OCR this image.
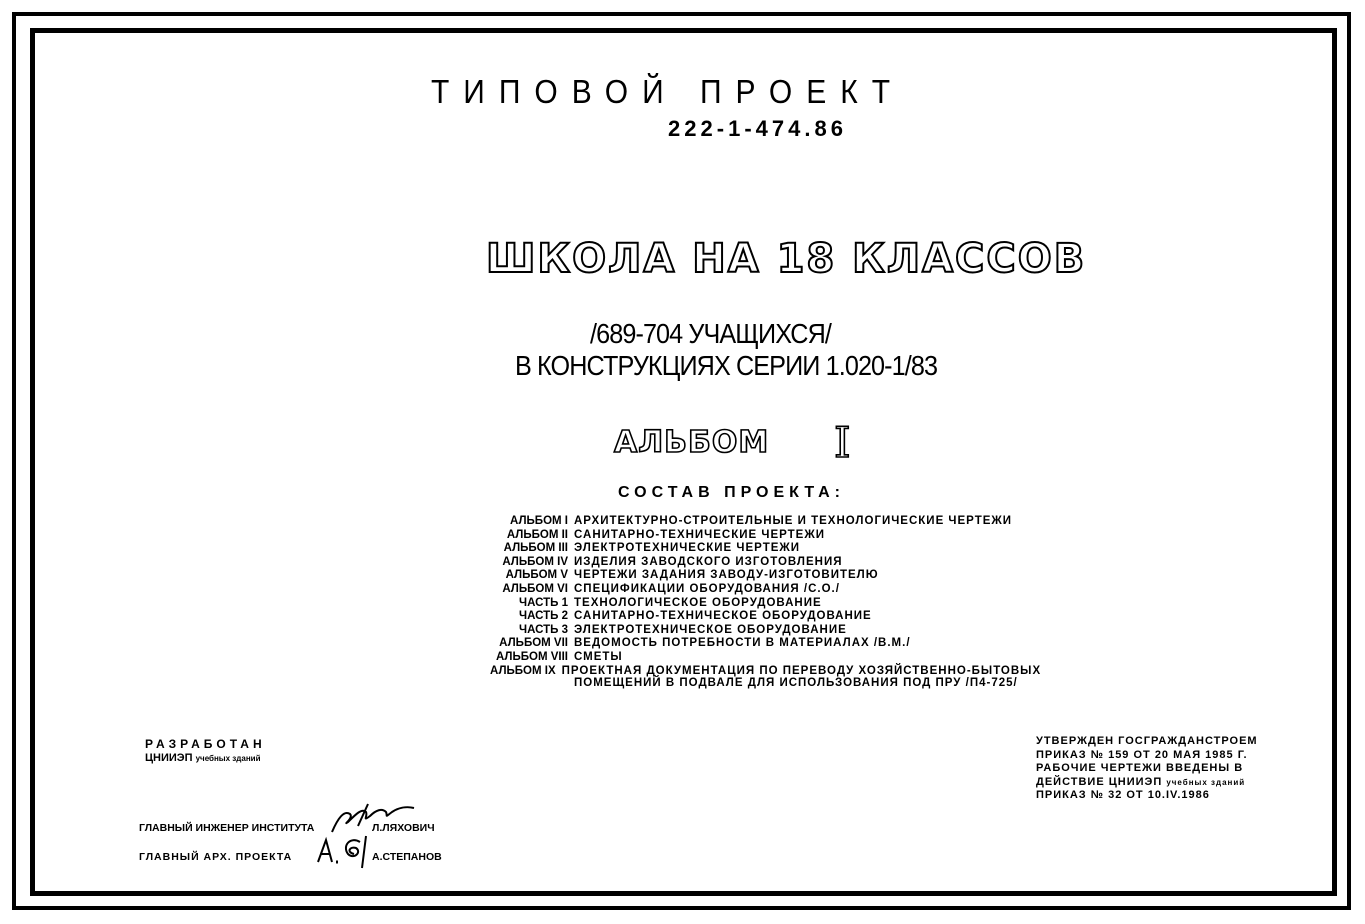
ТИПОВОЙ ПРОЕКТ
222-1-474.86
ШКОЛА НА 18 КЛАССОВ
/689-704 УЧАЩИХСЯ/
В КОНСТРУКЦИЯХ СЕРИИ 1.020-1/83
АЛЬБОМ I
СОСТАВ ПРОЕКТА:
АЛЬБОМ I АРХИТЕКТУРНО-СТРОИТЕЛЬНЫЕ И ТЕХНОЛОГИЧЕСКИЕ ЧЕРТЕЖИ
АЛЬБОМ II САНИТАРНО-ТЕХНИЧЕСКИЕ ЧЕРТЕЖИ
АЛЬБОМ III ЭЛЕКТРОТЕХНИЧЕСКИЕ ЧЕРТЕЖИ
АЛЬБОМ IV ИЗДЕЛИЯ ЗАВОДСКОГО ИЗГОТОВЛЕНИЯ
АЛЬБОМ V ЧЕРТЕЖИ ЗАДАНИЯ ЗАВОДУ-ИЗГОТОВИТЕЛЮ
АЛЬБОМ VI СПЕЦИФИКАЦИИ ОБОРУДОВАНИЯ /С.О./
ЧАСТЬ 1 ТЕХНОЛОГИЧЕСКОЕ ОБОРУДОВАНИЕ
ЧАСТЬ 2 САНИТАРНО-ТЕХНИЧЕСКОЕ ОБОРУДОВАНИЕ
ЧАСТЬ 3 ЭЛЕКТРОТЕХНИЧЕСКОЕ ОБОРУДОВАНИЕ
АЛЬБОМ VII ВЕДОМОСТЬ ПОТРЕБНОСТИ В МАТЕРИАЛАХ /В.М./
АЛЬБОМ VIII СМЕТЫ
АЛЬБОМ IX ПРОЕКТНАЯ ДОКУМЕНТАЦИЯ ПО ПЕРЕВОДУ ХОЗЯЙСТВЕННО-БЫТОВЫХ
ПОМЕЩЕНИЙ В ПОДВАЛЕ ДЛЯ ИСПОЛЬЗОВАНИЯ ПОД ПРУ /П4-725/
РАЗРАБОТАН
ЦНИИЭП учебных зданий
ГЛАВНЫЙ ИНЖЕНЕР ИНСТИТУТА	Л.ЛЯХОВИЧ
ГЛАВНЫЙ АРХ. ПРОЕКТА	А.СТЕПАНОВ
УТВЕРЖДЕН ГОСГРАЖДАНСТРОЕМ
ПРИКАЗ № 159 ОТ 20 МАЯ 1985 Г.
РАБОЧИЕ ЧЕРТЕЖИ ВВЕДЕНЫ В
ДЕЙСТВИЕ ЦНИИЭП учебных зданий
ПРИКАЗ № 32 ОТ 10.IV.1986
